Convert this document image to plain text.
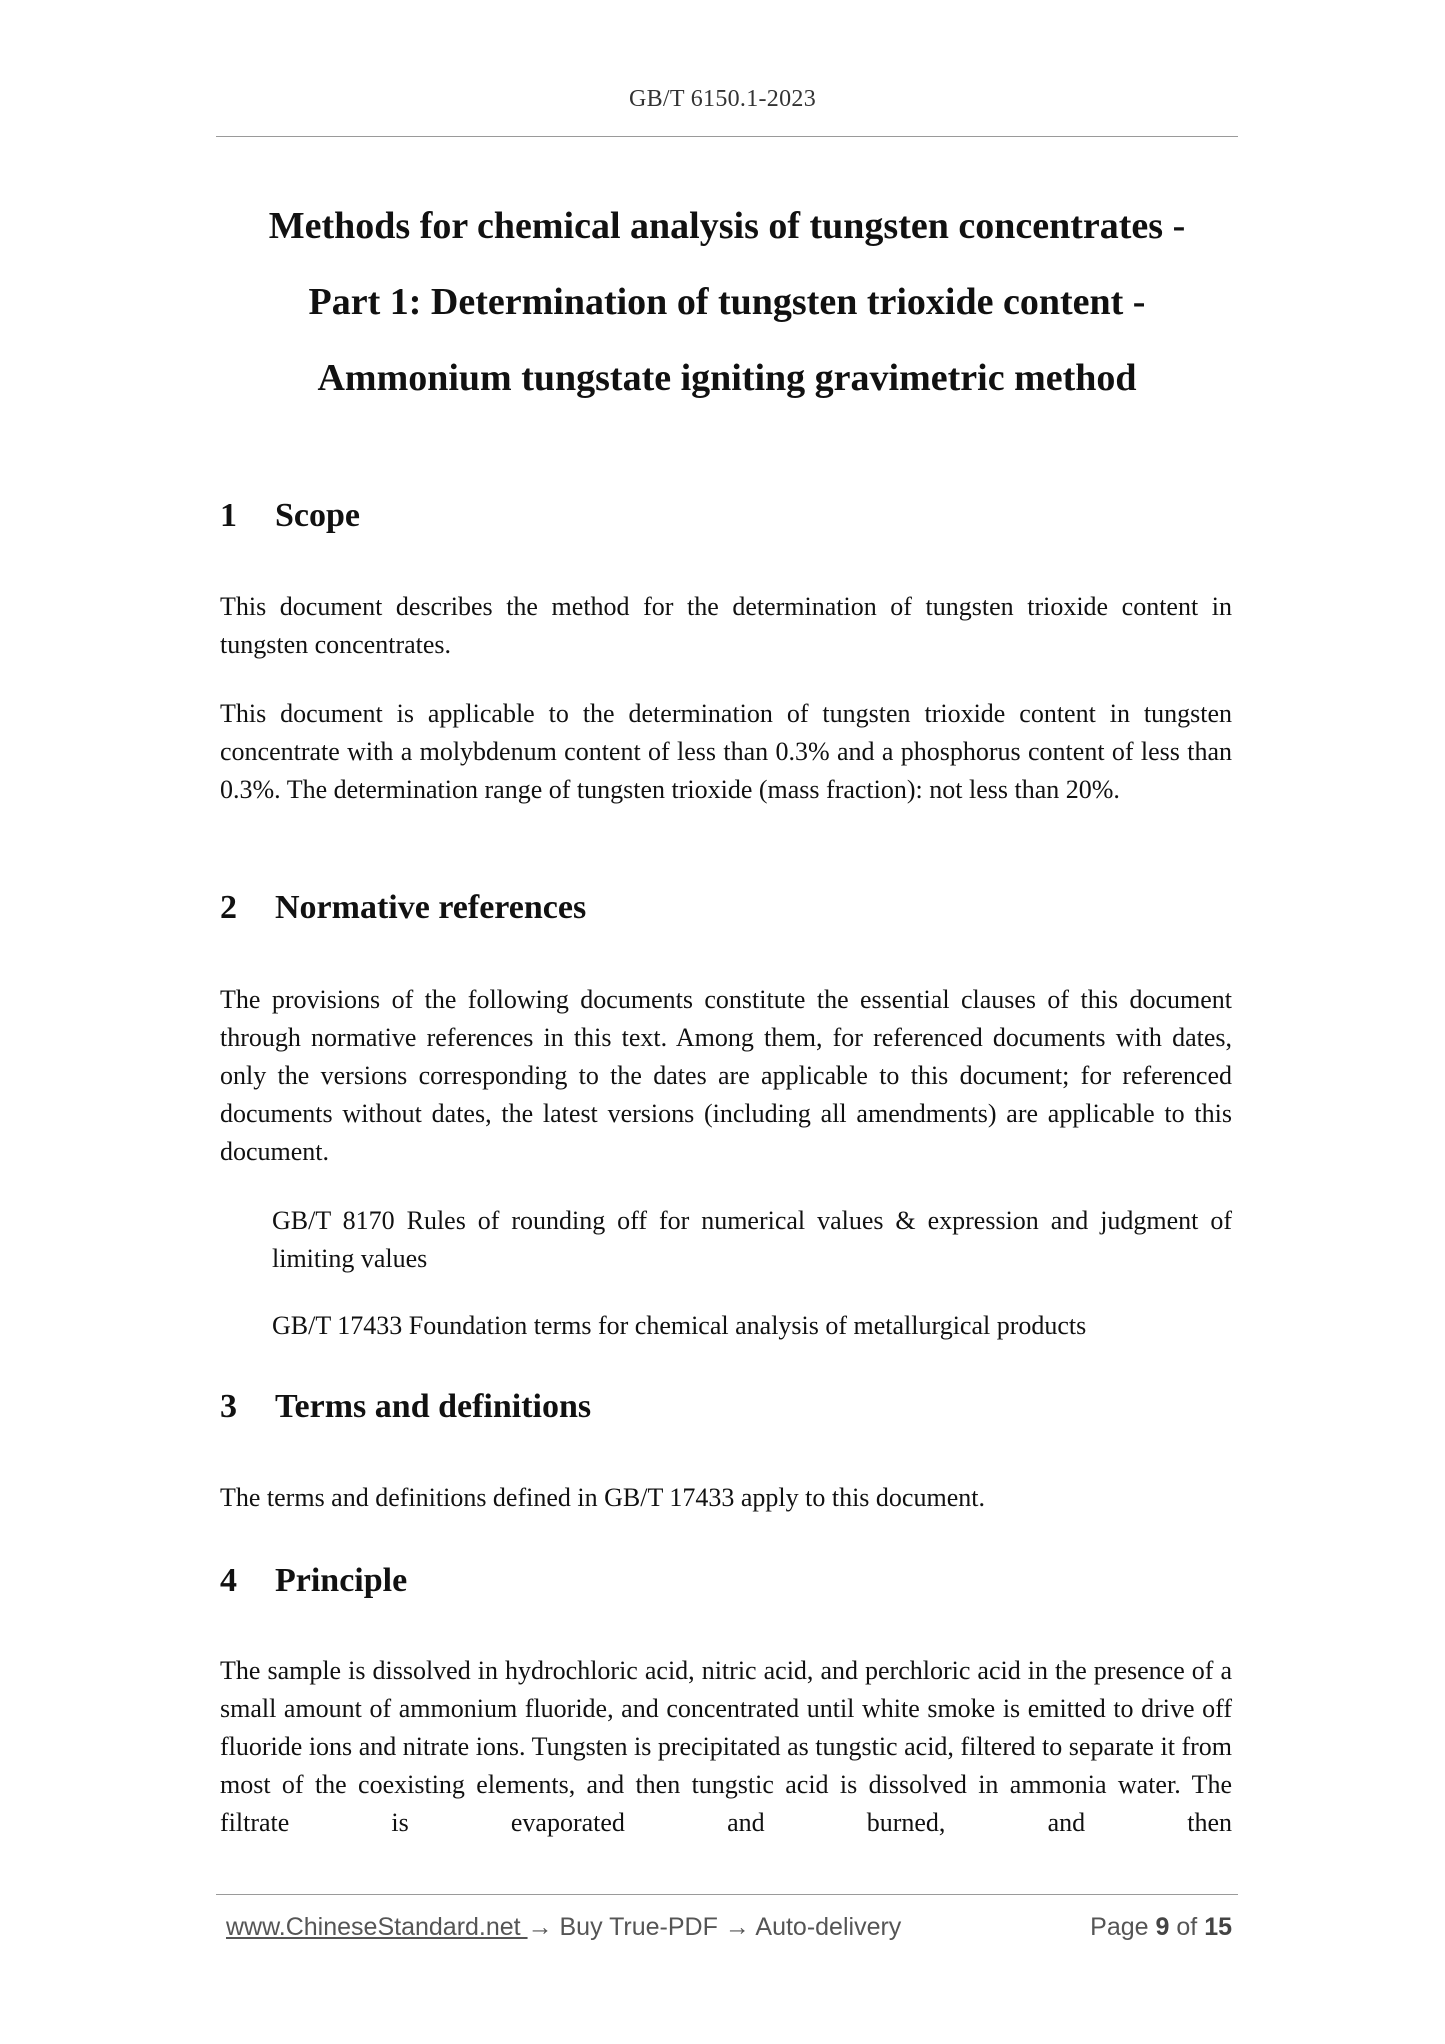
GB/T 6150.1-2023
Methods for chemical analysis of tungsten concentrates -
Part 1: Determination of tungsten trioxide content -
Ammonium tungstate igniting gravimetric method
1 Scope
This document describes the method for the determination of tungsten trioxide content in tungsten concentrates.
This document is applicable to the determination of tungsten trioxide content in tungsten concentrate with a molybdenum content of less than 0.3% and a phosphorus content of less than 0.3%. The determination range of tungsten trioxide (mass fraction): not less than 20%.
2 Normative references
The provisions of the following documents constitute the essential clauses of this document through normative references in this text. Among them, for referenced documents with dates, only the versions corresponding to the dates are applicable to this document; for referenced documents without dates, the latest versions (including all amendments) are applicable to this document.
GB/T 8170 Rules of rounding off for numerical values & expression and judgment of limiting values
GB/T 17433 Foundation terms for chemical analysis of metallurgical products
3 Terms and definitions
The terms and definitions defined in GB/T 17433 apply to this document.
4 Principle
The sample is dissolved in hydrochloric acid, nitric acid, and perchloric acid in the presence of a small amount of ammonium fluoride, and concentrated until white smoke is emitted to drive off fluoride ions and nitrate ions. Tungsten is precipitated as tungstic acid, filtered to separate it from most of the coexisting elements, and then tungstic acid is dissolved in ammonia water. The filtrate is evaporated and burned, and then
www.ChineseStandard.net → Buy True-PDF → Auto-delivery	Page 9 of 15
